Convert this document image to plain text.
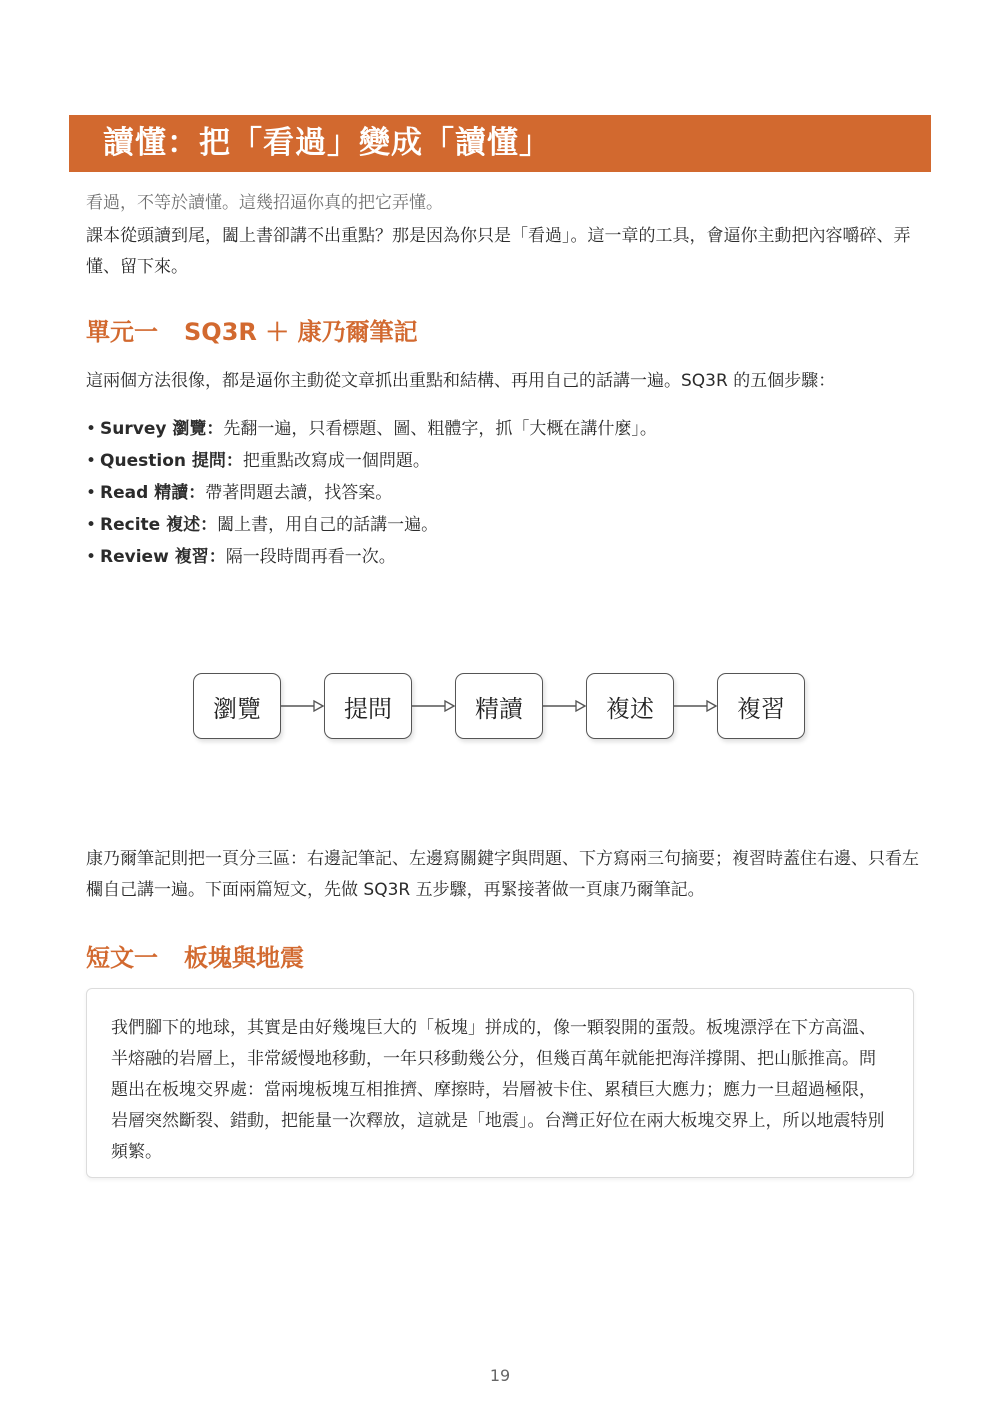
讀懂：把「看過」變成「讀懂」
看過，不等於讀懂。這幾招逼你真的把它弄懂。
課本從頭讀到尾，闔上書卻講不出重點？那是因為你只是「看過」。這一章的工具，會逼你主動把內容嚼碎、弄懂、留下來。
單元一 SQ3R ＋ 康乃爾筆記

這兩個方法很像，都是逼你主動從文章抓出重點和結構、再用自己的話講一遍。SQ3R 的五個步驟：

• Survey 瀏覽：先翻一遍，只看標題、圖、粗體字，抓「大概在講什麼」。
• Question 提問：把重點改寫成一個問題。
• Read 精讀：帶著問題去讀，找答案。
• Recite 複述：闔上書，用自己的話講一遍。
• Review 複習：隔一段時間再看一次。
瀏覽	提問	精讀	複述	複習

康乃爾筆記則把一頁分三區：右邊記筆記、左邊寫關鍵字與問題、下方寫兩三句摘要；複習時蓋住右邊、只看左欄自己講一遍。下面兩篇短文，先做 SQ3R 五步驟，再緊接著做一頁康乃爾筆記。

短文一 板塊與地震

我們腳下的地球，其實是由好幾塊巨大的「板塊」拼成的，像一顆裂開的蛋殼。板塊漂浮在下方高溫、半熔融的岩層上，非常緩慢地移動，一年只移動幾公分，但幾百萬年就能把海洋撐開、把山脈推高。問題出在板塊交界處：當兩塊板塊互相推擠、摩擦時，岩層被卡住、累積巨大應力；應力一旦超過極限，岩層突然斷裂、錯動，把能量一次釋放，這就是「地震」。台灣正好位在兩大板塊交界上，所以地震特別頻繁。

19
